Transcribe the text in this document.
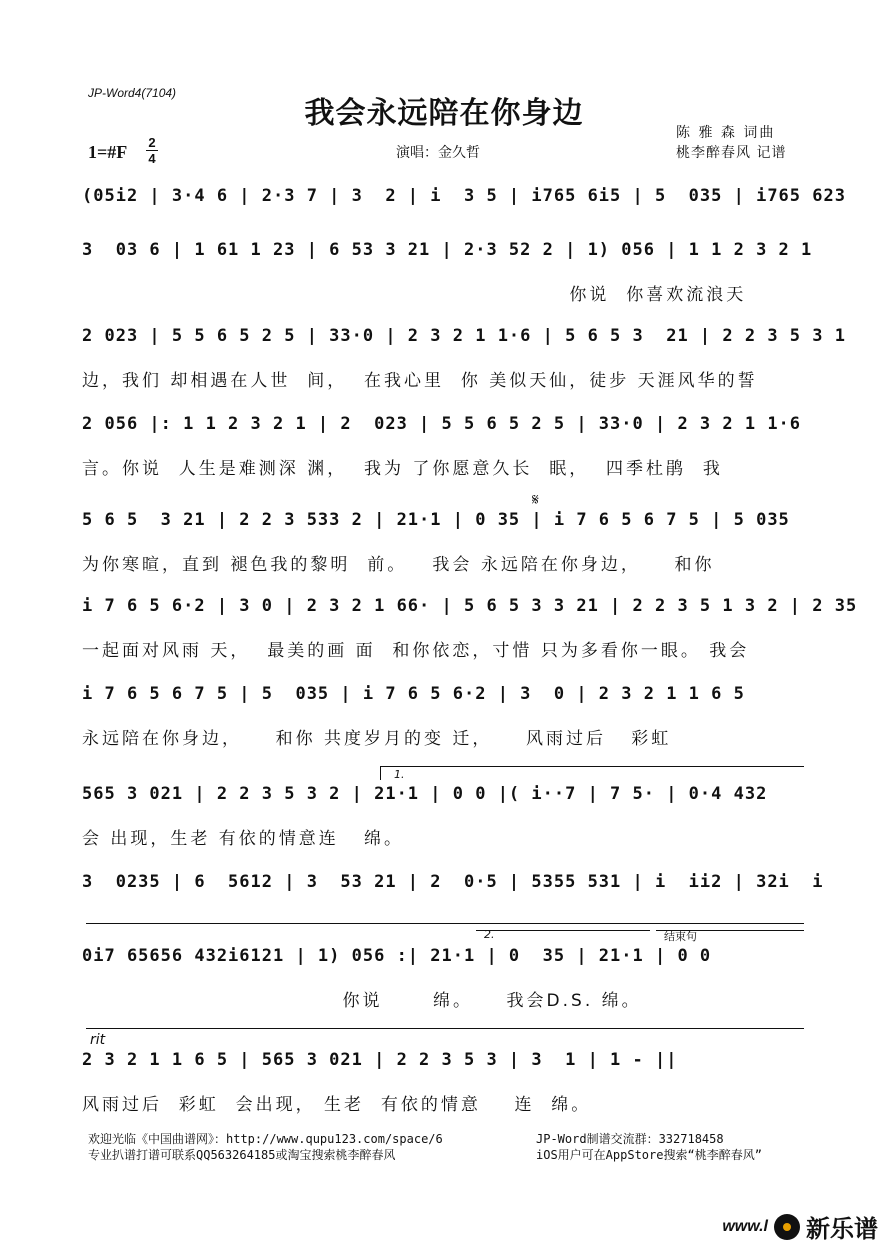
JP-Word4(7104)
我会永远陪在你身边
1=#F 2
4	演唱：金久哲
陈 雅 森 词曲
桃李醉春风 记谱
(05i2 | 3·4 6 | 2·3 7 | 3  2 | i  3 5 | i765 6i5 | 5  035 | i765 623
3  03 6 | 1 61 1 23 | 6 53 3 21 | 2·3 52 2 | 1) 056 | 1 1 2 3 2 1
你说  你喜欢流浪天
2 023 | 5 5 6 5 2 5 | 33·0 | 2 3 2 1 1·6 | 5 6 5 3  21 | 2 2 3 5 3 1
边，我们 却相遇在人世  间，  在我心里  你 美似天仙，徒步 天涯风华的誓
2 056 |: 1 1 2 3 2 1 | 2  023 | 5 5 6 5 2 5 | 33·0 | 2 3 2 1 1·6
言。你说  人生是难测深 渊，  我为 了你愿意久长  眠，  四季杜鹃  我
𝄋
5 6 5  3 21 | 2 2 3 533 2 | 21·1 | 0 35 | i 7 6 5 6 7 5 | 5 035
为你寒暄，直到 褪色我的黎明  前。   我会 永远陪在你身边，    和你
i 7 6 5 6·2 | 3 0 | 2 3 2 1 66· | 5 6 5 3 3 21 | 2 2 3 5 1 3 2 | 2 35
一起面对风雨 天，  最美的画 面  和你依恋，寸惜 只为多看你一眼。 我会
i 7 6 5 6 7 5 | 5  035 | i 7 6 5 6·2 | 3  0 | 2 3 2 1 1 6 5
永远陪在你身边，    和你 共度岁月的变 迁，    风雨过后   彩虹
1.
565 3 021 | 2 2 3 5 3 2 | 21·1 | 0 0 |( i··7 | 7 5· | 0·4 432
会 出现，生老 有依的情意连   绵。
3  0235 | 6  5612 | 3  53 21 | 2  0·5 | 5355 531 | i  ii2 | 32i  i
2.	结束句
0i7 65656 432i6121 | 1) 056 :| 21·1 | 0  35 | 21·1 | 0 0
你说      绵。    我会D.S. 绵。
rit
2 3 2 1 1 6 5 | 565 3 021 | 2 2 3 5 3 | 3  1 | 1 - ||
风雨过后  彩虹  会出现， 生老  有依的情意    连  绵。
欢迎光临《中国曲谱网》：http://www.qupu123.com/space/6
专业扒谱打谱可联系QQ563264185或淘宝搜索桃李醉春风
JP-Word制谱交流群：332718458
iOS用户可在AppStore搜索“桃李醉春风”
www.l 新乐谱
